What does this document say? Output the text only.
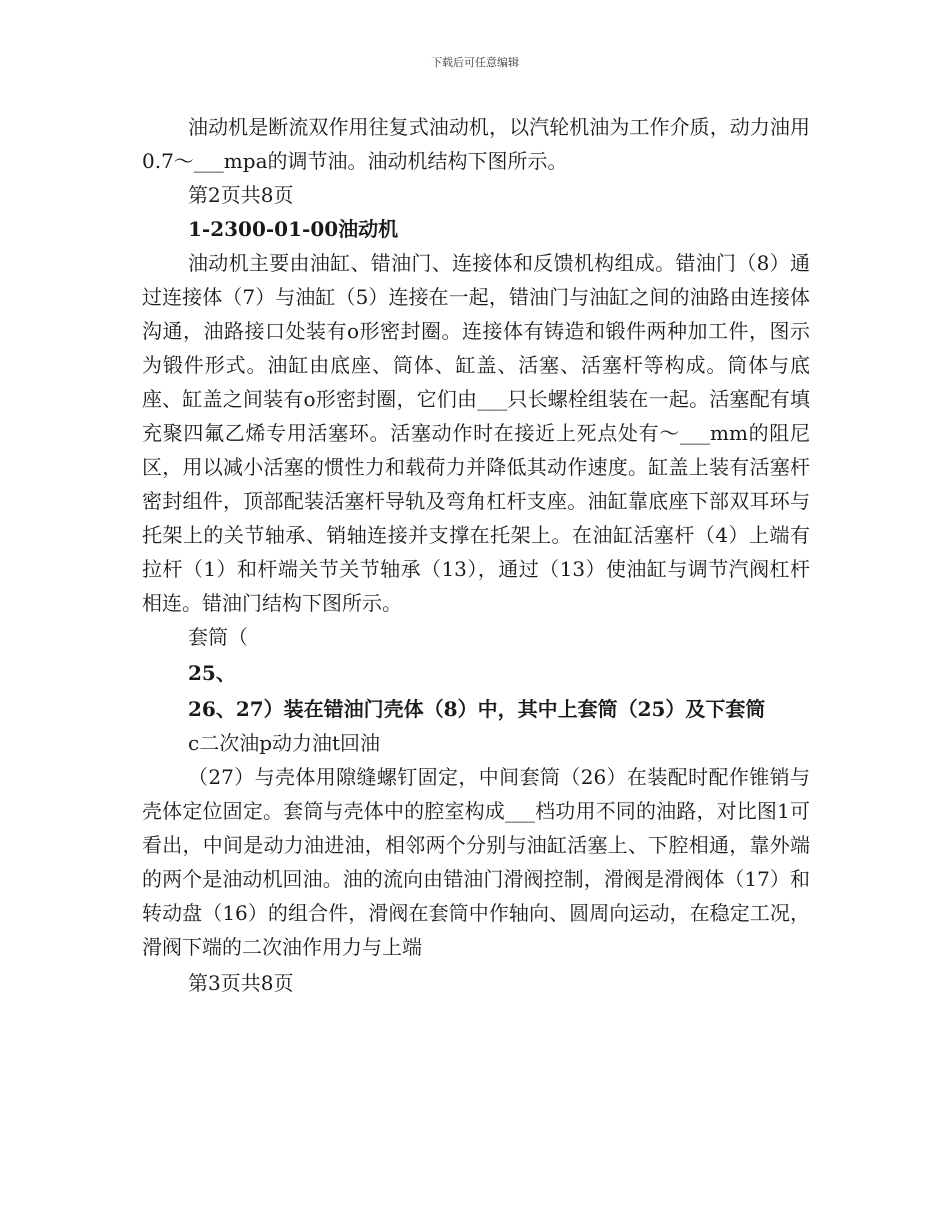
下载后可任意编辑

油动机是断流双作用往复式油动机，以汽轮机油为工作介质，动力油用0.7～___mpa的调节油。油动机结构下图所示。

第2页共8页

1-2300-01-00油动机

油动机主要由油缸、错油门、连接体和反馈机构组成。错油门（8）通过连接体（7）与油缸（5）连接在一起，错油门与油缸之间的油路由连接体沟通，油路接口处装有o形密封圈。连接体有铸造和锻件两种加工件，图示为锻件形式。油缸由底座、筒体、缸盖、活塞、活塞杆等构成。筒体与底座、缸盖之间装有o形密封圈，它们由___只长螺栓组装在一起。活塞配有填充聚四氟乙烯专用活塞环。活塞动作时在接近上死点处有～___mm的阻尼区，用以减小活塞的惯性力和载荷力并降低其动作速度。缸盖上装有活塞杆密封组件，顶部配装活塞杆导轨及弯角杠杆支座。油缸靠底座下部双耳环与托架上的关节轴承、销轴连接并支撑在托架上。在油缸活塞杆（4）上端有拉杆（1）和杆端关节关节轴承（13），通过（13）使油缸与调节汽阀杠杆相连。错油门结构下图所示。

套筒（

25、

26、27）装在错油门壳体（8）中，其中上套筒（25）及下套筒

c二次油p动力油t回油

（27）与壳体用隙缝螺钉固定，中间套筒（26）在装配时配作锥销与壳体定位固定。套筒与壳体中的腔室构成___档功用不同的油路，对比图1可看出，中间是动力油进油，相邻两个分别与油缸活塞上、下腔相通，靠外端的两个是油动机回油。油的流向由错油门滑阀控制，滑阀是滑阀体（17）和转动盘（16）的组合件，滑阀在套筒中作轴向、圆周向运动，在稳定工况，滑阀下端的二次油作用力与上端

第3页共8页
